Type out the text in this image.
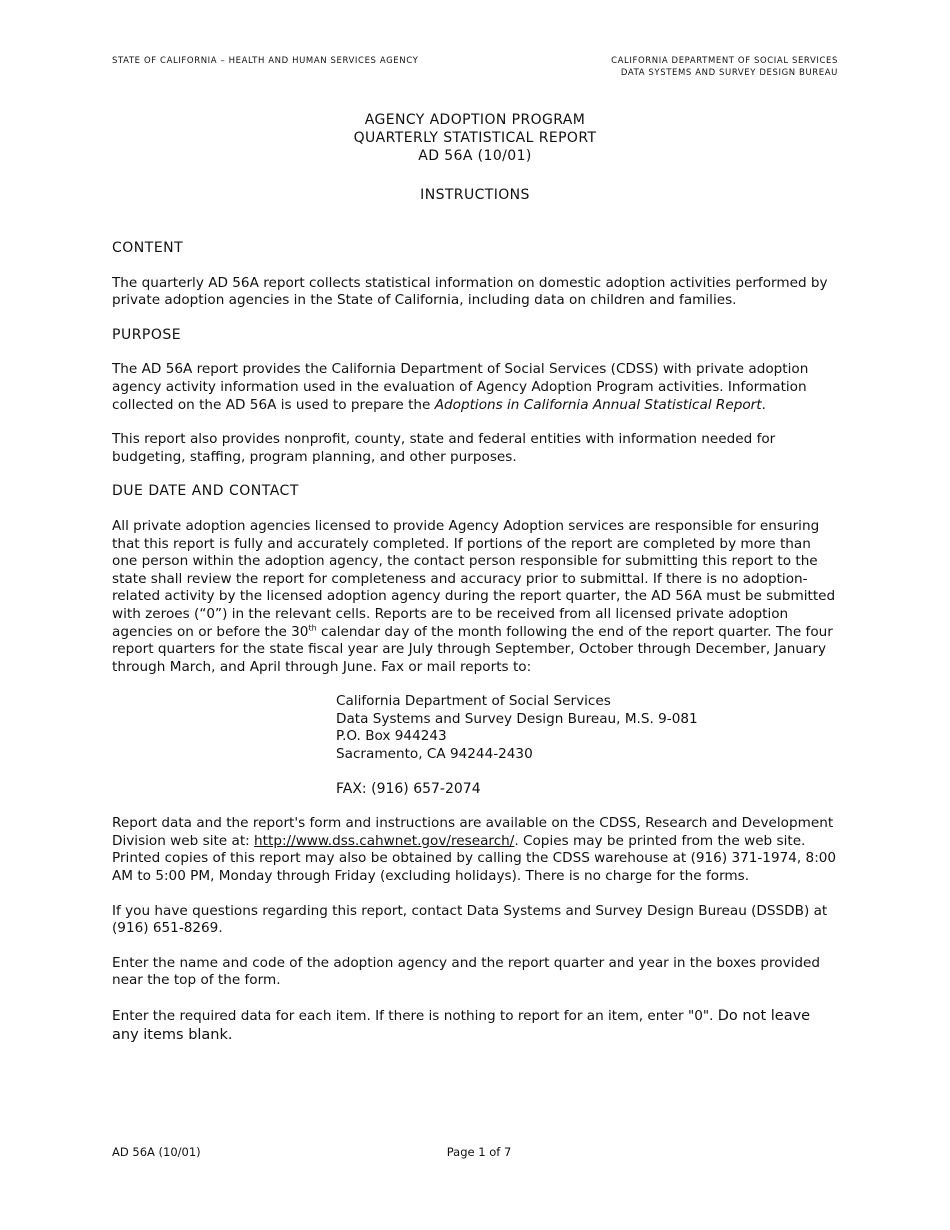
STATE OF CALIFORNIA – HEALTH AND HUMAN SERVICES AGENCY	CALIFORNIA DEPARTMENT OF SOCIAL SERVICES
DATA SYSTEMS AND SURVEY DESIGN BUREAU
AGENCY ADOPTION PROGRAM
QUARTERLY STATISTICAL REPORT
AD 56A (10/01)
INSTRUCTIONS
CONTENT
The quarterly AD 56A report collects statistical information on domestic adoption activities performed by private adoption agencies in the State of California, including data on children and families.
PURPOSE
The AD 56A report provides the California Department of Social Services (CDSS) with private adoption agency activity information used in the evaluation of Agency Adoption Program activities. Information collected on the AD 56A is used to prepare the Adoptions in California Annual Statistical Report.
This report also provides nonprofit, county, state and federal entities with information needed for budgeting, staffing, program planning, and other purposes.
DUE DATE AND CONTACT
All private adoption agencies licensed to provide Agency Adoption services are responsible for ensuring that this report is fully and accurately completed. If portions of the report are completed by more than one person within the adoption agency, the contact person responsible for submitting this report to the state shall review the report for completeness and accuracy prior to submittal. If there is no adoption-related activity by the licensed adoption agency during the report quarter, the AD 56A must be submitted with zeroes (“0”) in the relevant cells. Reports are to be received from all licensed private adoption agencies on or before the 30th calendar day of the month following the end of the report quarter. The four report quarters for the state fiscal year are July through September, October through December, January through March, and April through June. Fax or mail reports to:
California Department of Social Services
Data Systems and Survey Design Bureau, M.S. 9-081
P.O. Box 944243
Sacramento, CA 94244-2430
FAX: (916) 657-2074
Report data and the report's form and instructions are available on the CDSS, Research and Development Division web site at: http://www.dss.cahwnet.gov/research/. Copies may be printed from the web site. Printed copies of this report may also be obtained by calling the CDSS warehouse at (916) 371-1974, 8:00 AM to 5:00 PM, Monday through Friday (excluding holidays). There is no charge for the forms.
If you have questions regarding this report, contact Data Systems and Survey Design Bureau (DSSDB) at (916) 651-8269.
Enter the name and code of the adoption agency and the report quarter and year in the boxes provided near the top of the form.
Enter the required data for each item. If there is nothing to report for an item, enter "0". Do not leave any items blank.
AD 56A (10/01)	Page 1 of 7
